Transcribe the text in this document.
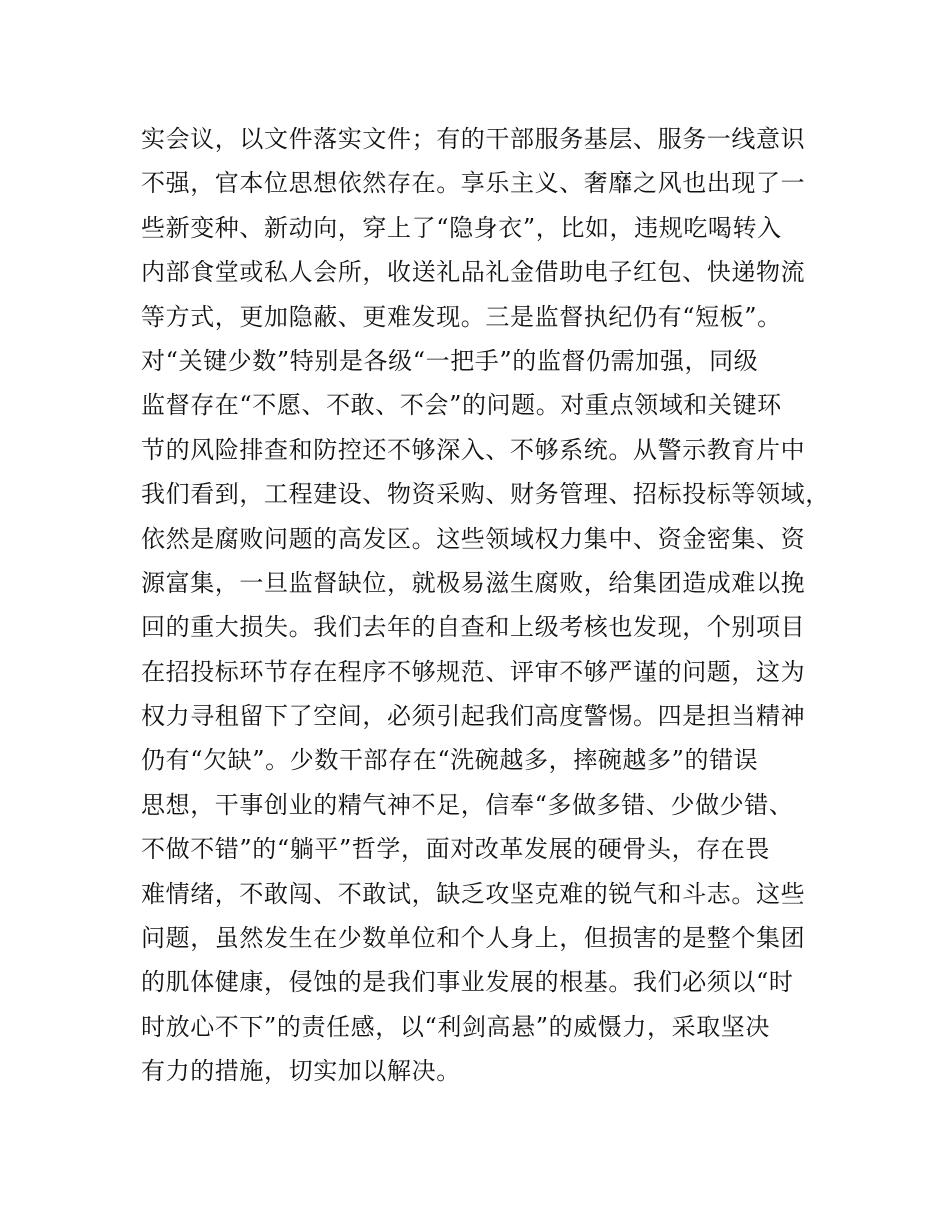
实会议，以文件落实文件；有的干部服务基层、服务一线意识
不强，官本位思想依然存在。享乐主义、奢靡之风也出现了一
些新变种、新动向，穿上了“隐身衣”，比如，违规吃喝转入
内部食堂或私人会所，收送礼品礼金借助电子红包、快递物流
等方式，更加隐蔽、更难发现。三是监督执纪仍有“短板”。
对“关键少数”特别是各级“一把手”的监督仍需加强，同级
监督存在“不愿、不敢、不会”的问题。对重点领域和关键环
节的风险排查和防控还不够深入、不够系统。从警示教育片中
我们看到，工程建设、物资采购、财务管理、招标投标等领域，
依然是腐败问题的高发区。这些领域权力集中、资金密集、资
源富集，一旦监督缺位，就极易滋生腐败，给集团造成难以挽
回的重大损失。我们去年的自查和上级考核也发现，个别项目
在招投标环节存在程序不够规范、评审不够严谨的问题，这为
权力寻租留下了空间，必须引起我们高度警惕。四是担当精神
仍有“欠缺”。少数干部存在“洗碗越多，摔碗越多”的错误
思想，干事创业的精气神不足，信奉“多做多错、少做少错、
不做不错”的“躺平”哲学，面对改革发展的硬骨头，存在畏
难情绪，不敢闯、不敢试，缺乏攻坚克难的锐气和斗志。这些
问题，虽然发生在少数单位和个人身上，但损害的是整个集团
的肌体健康，侵蚀的是我们事业发展的根基。我们必须以“时
时放心不下”的责任感，以“利剑高悬”的威慑力，采取坚决
有力的措施，切实加以解决。
